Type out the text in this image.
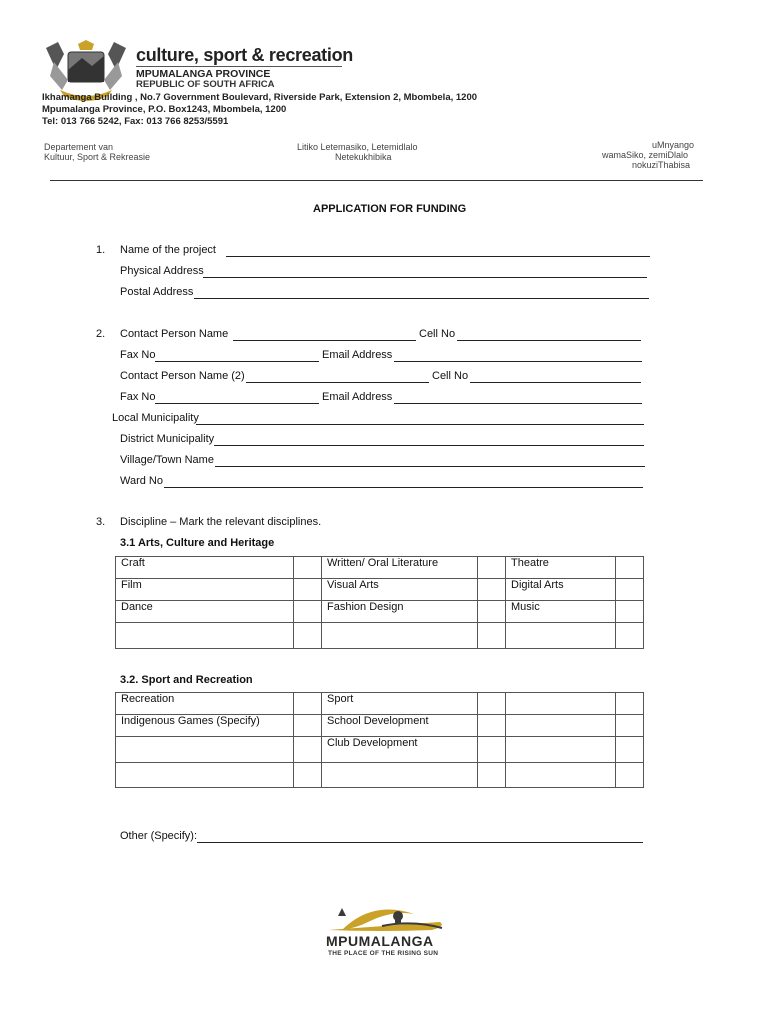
culture, sport & recreation
MPUMALANGA PROVINCE
REPUBLIC OF SOUTH AFRICA
Ikhamanga Building , No.7 Government Boulevard, Riverside Park, Extension 2, Mbombela, 1200
Mpumalanga Province, P.O. Box1243, Mbombela, 1200
Tel: 013 766 5242, Fax: 013 766 8253/5591
Departement van
Kultuur, Sport & Rekreasie
Litiko Letemasiko, Letemidlalo
Netekukhibika
uMnyango
wamaSiko, zemiDlalo
nokuziThabisa
APPLICATION FOR FUNDING
1. Name of the project
Physical Address
Postal Address
2. Contact Person Name	Cell No
Fax No	Email Address
Contact Person Name (2)	Cell No
Fax No	Email Address
Local Municipality
District Municipality
Village/Town Name
Ward No
3. Discipline – Mark the relevant disciplines.
3.1 Arts, Culture and Heritage
Craft		Written/ Oral Literature		Theatre	
Film		Visual Arts		Digital Arts	
Dance		Fashion Design		Music	

3.2. Sport and Recreation
Recreation		Sport			
Indigenous Games (Specify)		School Development			
		Club Development			

Other (Specify):
MPUMALANGA
THE PLACE OF THE RISING SUN
